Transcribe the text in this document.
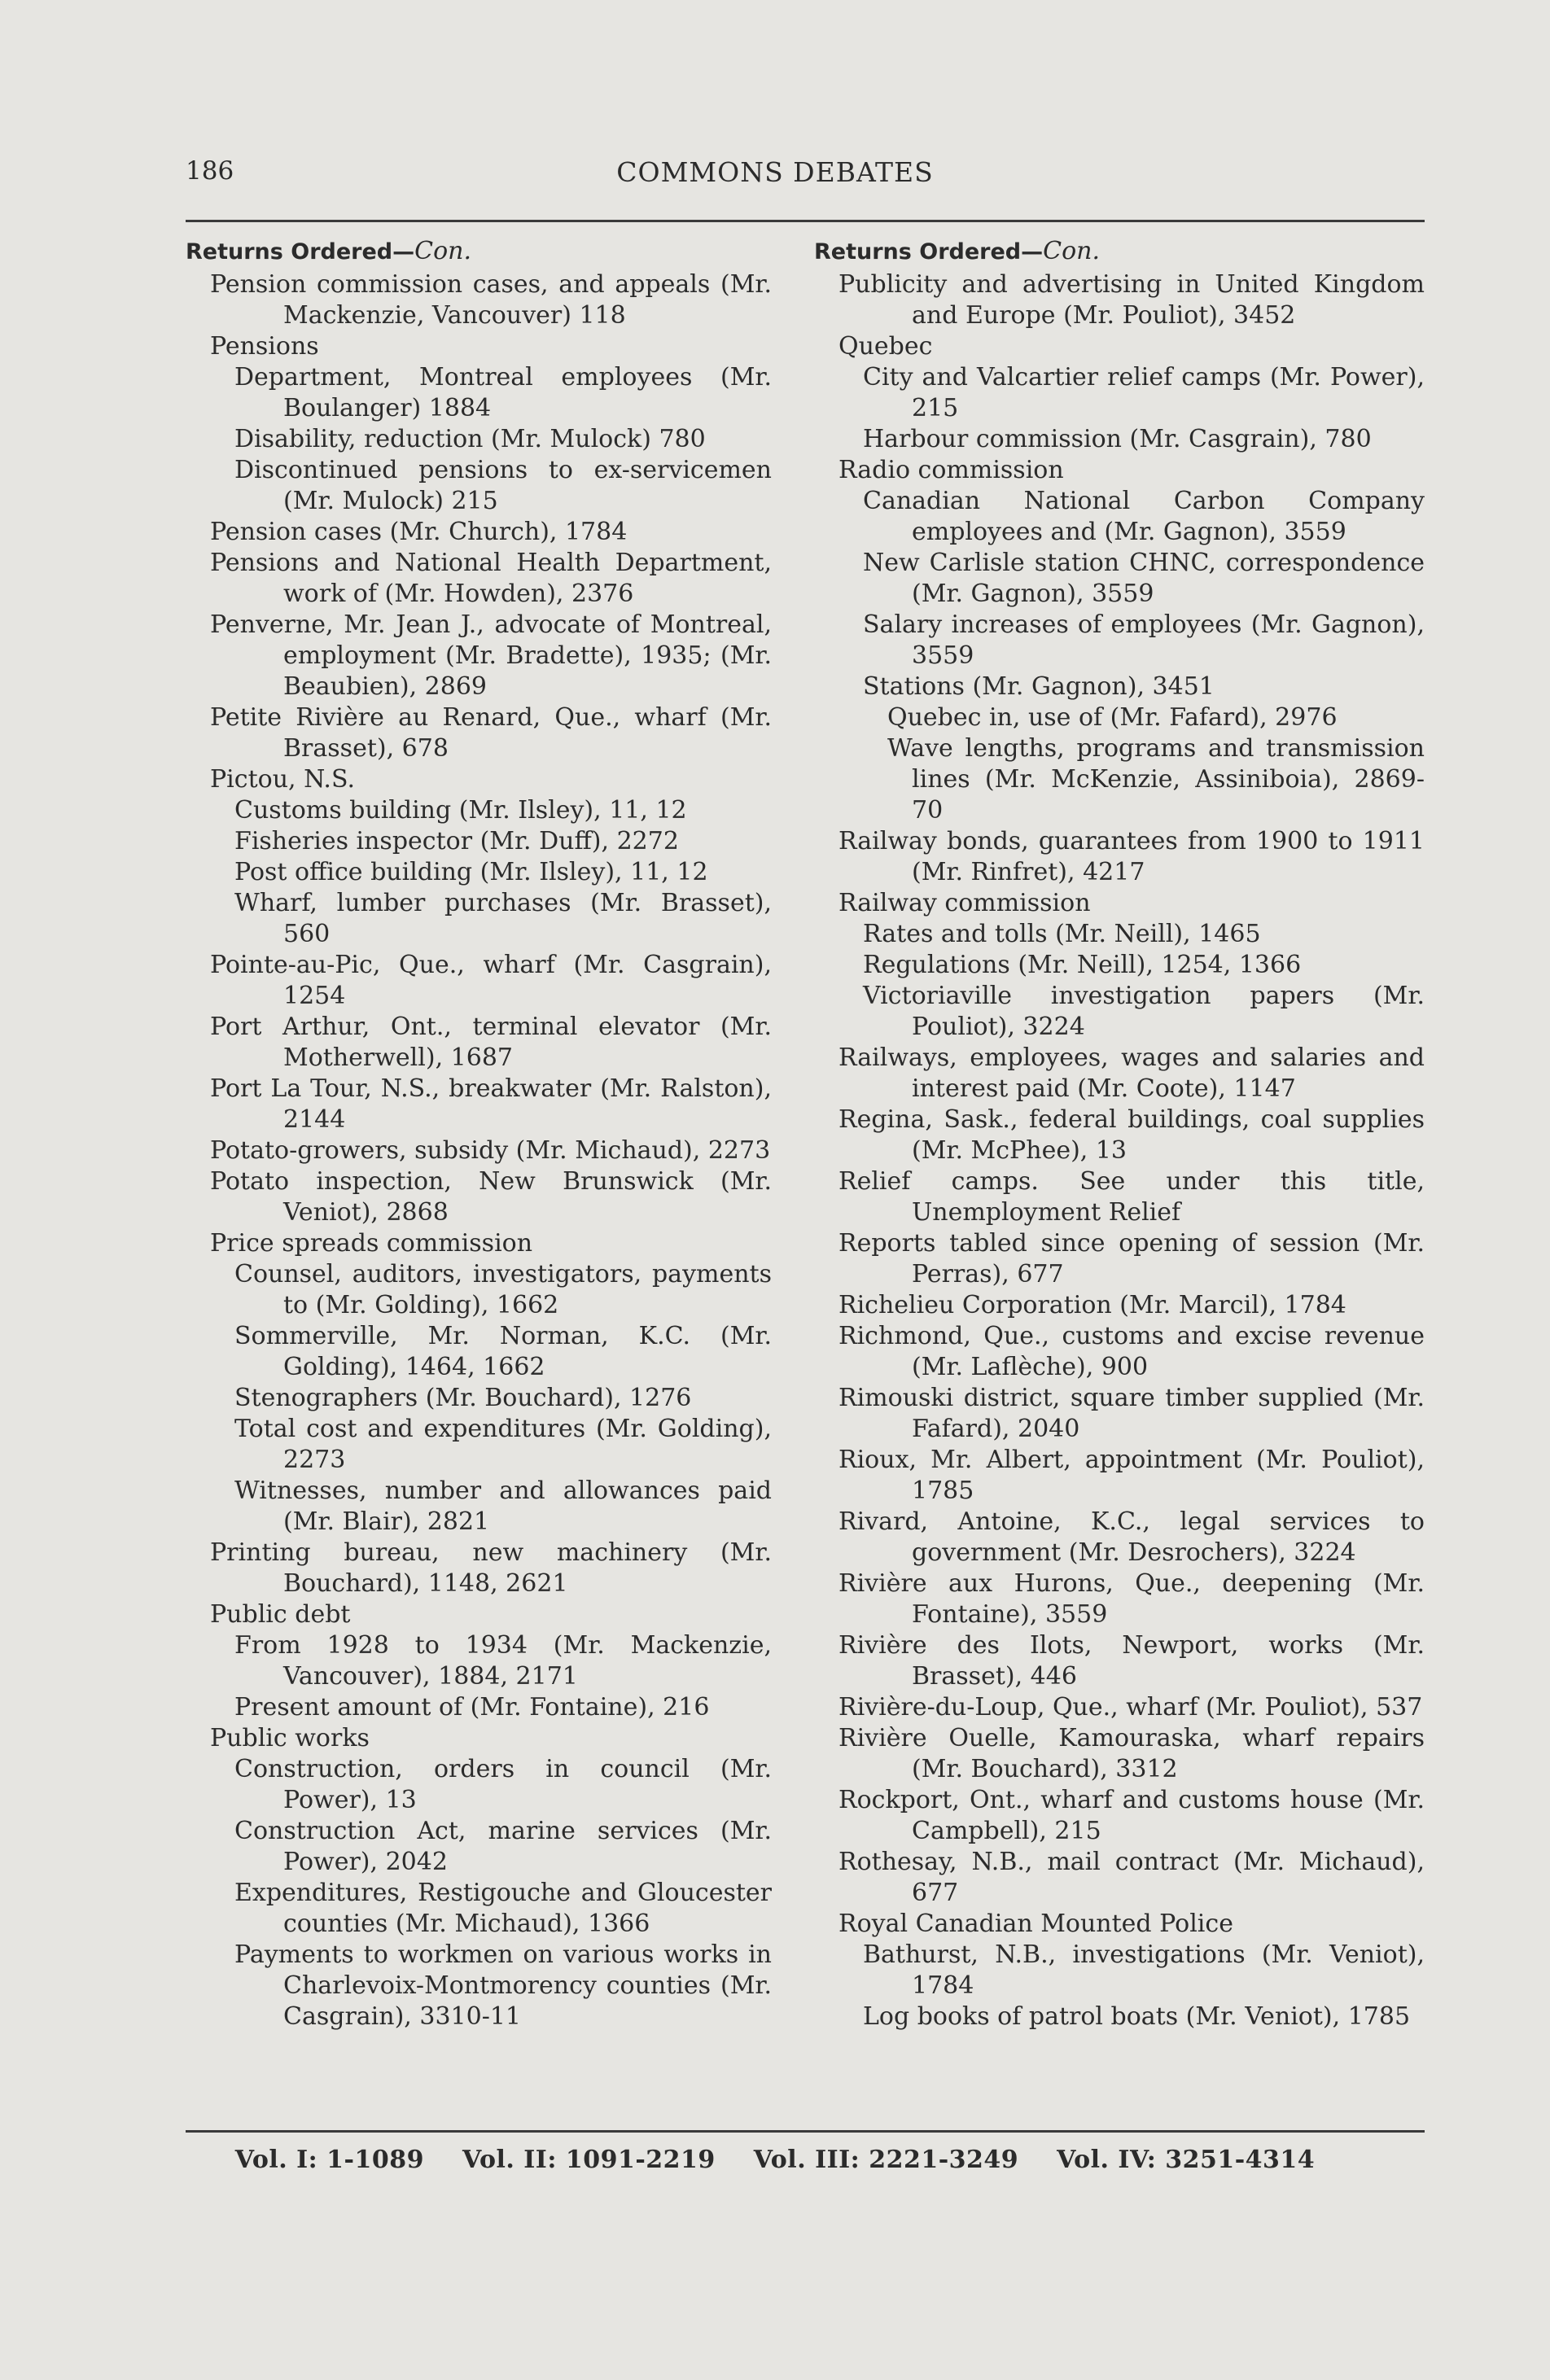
186	COMMONS DEBATES
Returns Ordered—Con.
Pension commission cases, and appeals (Mr. Mackenzie, Vancouver) 118
Pensions
Department, Montreal employees (Mr. Boulanger) 1884
Disability, reduction (Mr. Mulock) 780
Discontinued pensions to ex-servicemen (Mr. Mulock) 215
Pension cases (Mr. Church), 1784
Pensions and National Health Department, work of (Mr. Howden), 2376
Penverne, Mr. Jean J., advocate of Montreal, employment (Mr. Bradette), 1935; (Mr. Beaubien), 2869
Petite Rivière au Renard, Que., wharf (Mr. Brasset), 678
Pictou, N.S.
Customs building (Mr. Ilsley), 11, 12
Fisheries inspector (Mr. Duff), 2272
Post office building (Mr. Ilsley), 11, 12
Wharf, lumber purchases (Mr. Brasset), 560
Pointe-au-Pic, Que., wharf (Mr. Casgrain), 1254
Port Arthur, Ont., terminal elevator (Mr. Motherwell), 1687
Port La Tour, N.S., breakwater (Mr. Ralston), 2144
Potato-growers, subsidy (Mr. Michaud), 2273
Potato inspection, New Brunswick (Mr. Veniot), 2868
Price spreads commission
Counsel, auditors, investigators, payments to (Mr. Golding), 1662
Sommerville, Mr. Norman, K.C. (Mr. Golding), 1464, 1662
Stenographers (Mr. Bouchard), 1276
Total cost and expenditures (Mr. Golding), 2273
Witnesses, number and allowances paid (Mr. Blair), 2821
Printing bureau, new machinery (Mr. Bouchard), 1148, 2621
Public debt
From 1928 to 1934 (Mr. Mackenzie, Vancouver), 1884, 2171
Present amount of (Mr. Fontaine), 216
Public works
Construction, orders in council (Mr. Power), 13
Construction Act, marine services (Mr. Power), 2042
Expenditures, Restigouche and Gloucester counties (Mr. Michaud), 1366
Payments to workmen on various works in Charlevoix-Montmorency counties (Mr. Casgrain), 3310-11
Returns Ordered—Con.
Publicity and advertising in United Kingdom and Europe (Mr. Pouliot), 3452
Quebec
City and Valcartier relief camps (Mr. Power), 215
Harbour commission (Mr. Casgrain), 780
Radio commission
Canadian National Carbon Company employees and (Mr. Gagnon), 3559
New Carlisle station CHNC, correspondence (Mr. Gagnon), 3559
Salary increases of employees (Mr. Gagnon), 3559
Stations (Mr. Gagnon), 3451
Quebec in, use of (Mr. Fafard), 2976
Wave lengths, programs and transmission lines (Mr. McKenzie, Assiniboia), 2869-70
Railway bonds, guarantees from 1900 to 1911 (Mr. Rinfret), 4217
Railway commission
Rates and tolls (Mr. Neill), 1465
Regulations (Mr. Neill), 1254, 1366
Victoriaville investigation papers (Mr. Pouliot), 3224
Railways, employees, wages and salaries and interest paid (Mr. Coote), 1147
Regina, Sask., federal buildings, coal supplies (Mr. McPhee), 13
Relief camps. See under this title, Unemployment Relief
Reports tabled since opening of session (Mr. Perras), 677
Richelieu Corporation (Mr. Marcil), 1784
Richmond, Que., customs and excise revenue (Mr. Laflèche), 900
Rimouski district, square timber supplied (Mr. Fafard), 2040
Rioux, Mr. Albert, appointment (Mr. Pouliot), 1785
Rivard, Antoine, K.C., legal services to government (Mr. Desrochers), 3224
Rivière aux Hurons, Que., deepening (Mr. Fontaine), 3559
Rivière des Ilots, Newport, works (Mr. Brasset), 446
Rivière-du-Loup, Que., wharf (Mr. Pouliot), 537
Rivière Ouelle, Kamouraska, wharf repairs (Mr. Bouchard), 3312
Rockport, Ont., wharf and customs house (Mr. Campbell), 215
Rothesay, N.B., mail contract (Mr. Michaud), 677
Royal Canadian Mounted Police
Bathurst, N.B., investigations (Mr. Veniot), 1784
Log books of patrol boats (Mr. Veniot), 1785
Vol. I: 1-1089 Vol. II: 1091-2219 Vol. III: 2221-3249 Vol. IV: 3251-4314
